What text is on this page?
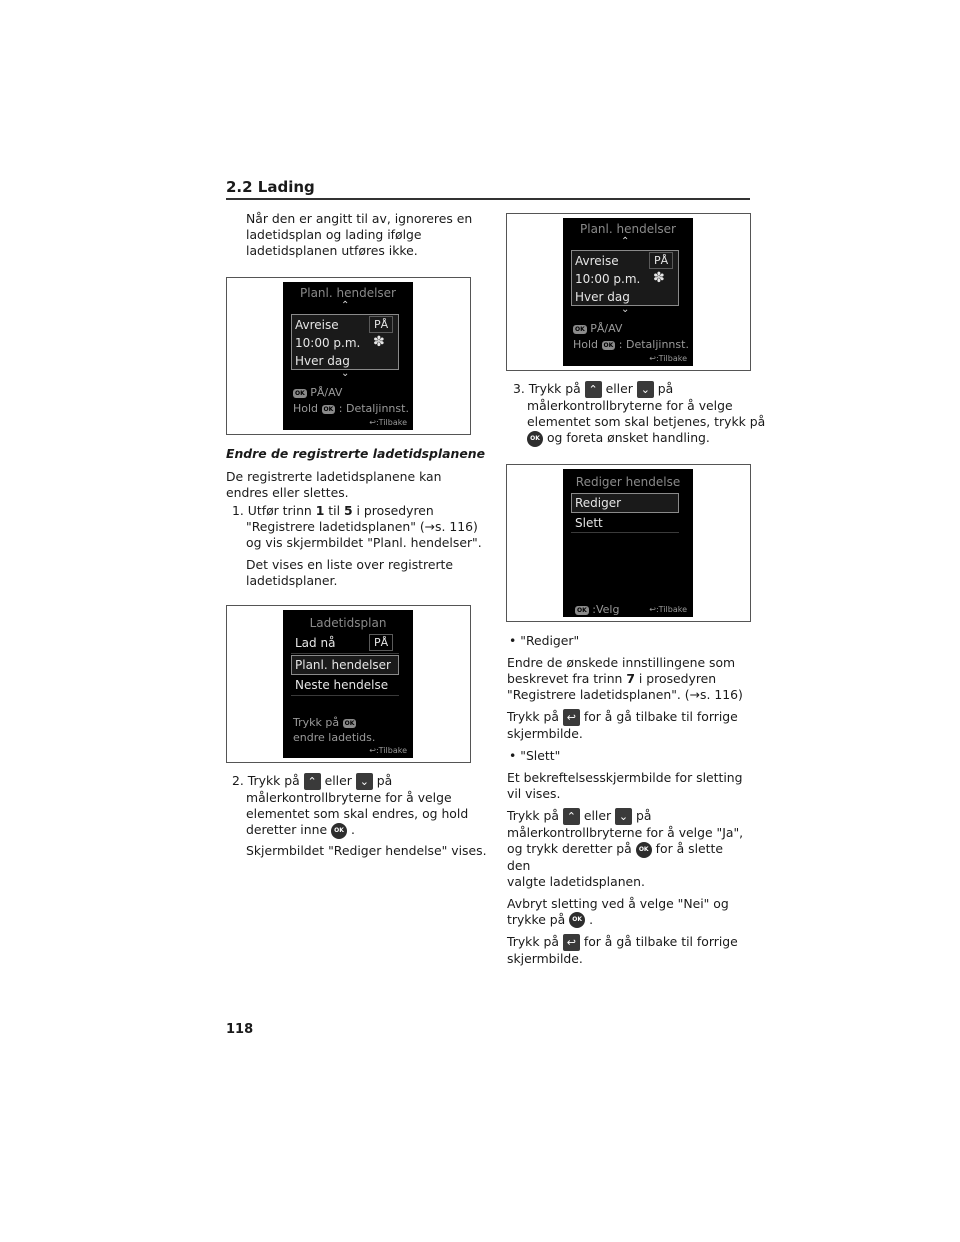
2.2 Lading
Når den er angitt til av, ignoreres en
ladetidsplan og lading ifølge
ladetidsplanen utføres ikke.
Planl. hendelser
⌃
Avreise	PÅ
10:00 p.m. ✽
Hver dag
⌄
OK PÅ/AV
Hold OK : Detaljinnst.
↩:Tilbake
Endre de registrerte ladetidsplanene
De registrerte ladetidsplanene kan
endres eller slettes.
1. Utfør trinn 1 til 5 i prosedyren
"Registrere ladetidsplanen" (→s. 116)
og vis skjermbildet "Planl. hendelser".
Det vises en liste over registrerte
ladetidsplaner.
Ladetidsplan
Lad nå	PÅ
Planl. hendelser
Neste hendelse
Trykk på OK
endre ladetids.
↩:Tilbake
2. Trykk på ⌃ eller ⌄ på
målerkontrollbryterne for å velge
elementet som skal endres, og hold
deretter inne OK .
Skjermbildet "Rediger hendelse" vises.
Planl. hendelser
⌃
Avreise	PÅ
10:00 p.m. ✽
Hver dag
⌄
OK PÅ/AV
Hold OK : Detaljinnst.
↩:Tilbake
3. Trykk på ⌃ eller ⌄ på
målerkontrollbryterne for å velge
elementet som skal betjenes, trykk på
OK og foreta ønsket handling.
Rediger hendelse
Rediger
Slett
OK :Velg	↩:Tilbake
• "Rediger"
Endre de ønskede innstillingene som
beskrevet fra trinn 7 i prosedyren
"Registrere ladetidsplanen". (→s. 116)
Trykk på ↩ for å gå tilbake til forrige
skjermbilde.
• "Slett"
Et bekreftelsesskjermbilde for sletting
vil vises.
Trykk på ⌃ eller ⌄ på
målerkontrollbryterne for å velge "Ja",
og trykk deretter på OK for å slette den
valgte ladetidsplanen.
Avbryt sletting ved å velge "Nei" og
trykke på OK .
Trykk på ↩ for å gå tilbake til forrige
skjermbilde.
118
